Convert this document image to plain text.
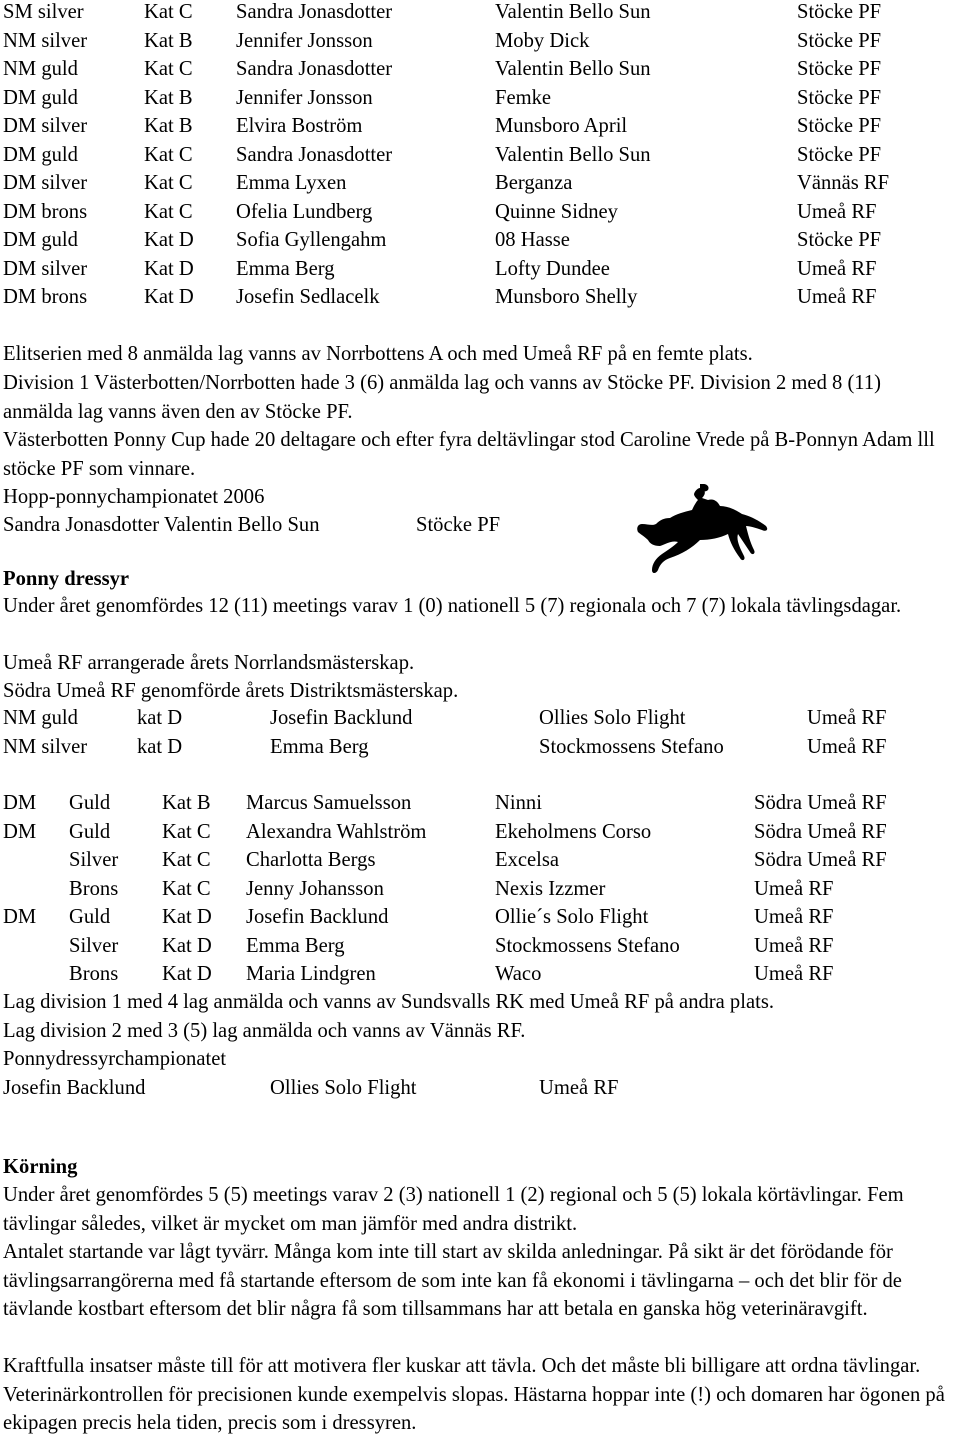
SM silver	Kat C Sandra Jonasdotter	Valentin Bello Sun	Stöcke PF
NM silver	Kat B Jennifer Jonsson	Moby Dick	Stöcke PF
NM guld	Kat C Sandra Jonasdotter	Valentin Bello Sun	Stöcke PF
DM guld	Kat B Jennifer Jonsson	Femke	Stöcke PF
DM silver	Kat B Elvira Boström	Munsboro April	Stöcke PF
DM guld	Kat C Sandra Jonasdotter	Valentin Bello Sun	Stöcke PF
DM silver	Kat C Emma Lyxen	Berganza	Vännäs RF
DM brons	Kat C Ofelia Lundberg	Quinne Sidney	Umeå RF
DM guld	Kat D Sofia Gyllengahm	08 Hasse	Stöcke PF
DM silver	Kat D Emma Berg	Lofty Dundee	Umeå RF
DM brons	Kat D Josefin Sedlacelk	Munsboro Shelly	Umeå RF
Elitserien med 8 anmälda lag vanns av Norrbottens A och med Umeå RF på en femte plats.
Division 1 Västerbotten/Norrbotten hade 3 (6) anmälda lag och vanns av Stöcke PF. Division 2 med 8 (11) anmälda lag vanns även den av Stöcke PF.
Västerbotten Ponny Cup hade 20 deltagare och efter fyra deltävlingar stod Caroline Vrede på B-Ponnyn Adam lll stöcke PF som vinnare.
Hopp-ponnychampionatet 2006
Sandra Jonasdotter Valentin Bello Sun	Stöcke PF
Ponny dressyr
Under året genomfördes 12 (11) meetings varav 1 (0) nationell 5 (7) regionala och 7 (7) lokala tävlingsdagar.
Umeå RF arrangerade årets Norrlandsmästerskap.
Södra Umeå RF genomförde årets Distriktsmästerskap.
NM guld	kat D	Josefin Backlund	Ollies Solo Flight	Umeå RF
NM silver kat D	Emma Berg	Stockmossens Stefano	Umeå RF
DM Guld	Kat B Marcus Samuelsson	Ninni	Södra Umeå RF
DM Guld	Kat C Alexandra Wahlström	Ekeholmens Corso	Södra Umeå RF
Silver Kat C Charlotta Bergs	Excelsa	Södra Umeå RF
Brons Kat C Jenny Johansson	Nexis Izzmer	Umeå RF
DM Guld	Kat D Josefin Backlund	Ollie´s Solo Flight	Umeå RF
Silver Kat D Emma Berg	Stockmossens Stefano	Umeå RF
Brons Kat D Maria Lindgren	Waco	Umeå RF
Lag division 1 med 4 lag anmälda och vanns av Sundsvalls RK med Umeå RF på andra plats.
Lag division 2 med 3 (5) lag anmälda och vanns av Vännäs RF.
Ponnydressyrchampionatet
Josefin Backlund	Ollies Solo Flight	Umeå RF
Körning
Under året genomfördes 5 (5) meetings varav 2 (3) nationell 1 (2) regional och 5 (5) lokala körtävlingar. Fem tävlingar således, vilket är mycket om man jämför med andra distrikt.
Antalet startande var lågt tyvärr. Många kom inte till start av skilda anledningar. På sikt är det förödande för tävlingsarrangörerna med få startande eftersom de som inte kan få ekonomi i tävlingarna – och det blir för de tävlande kostbart eftersom det blir några få som tillsammans har att betala en ganska hög veterinäravgift.
Kraftfulla insatser måste till för att motivera fler kuskar att tävla. Och det måste bli billigare att ordna tävlingar. Veterinärkontrollen för precisionen kunde exempelvis slopas. Hästarna hoppar inte (!) och domaren har ögonen på ekipagen precis hela tiden, precis som i dressyren.
